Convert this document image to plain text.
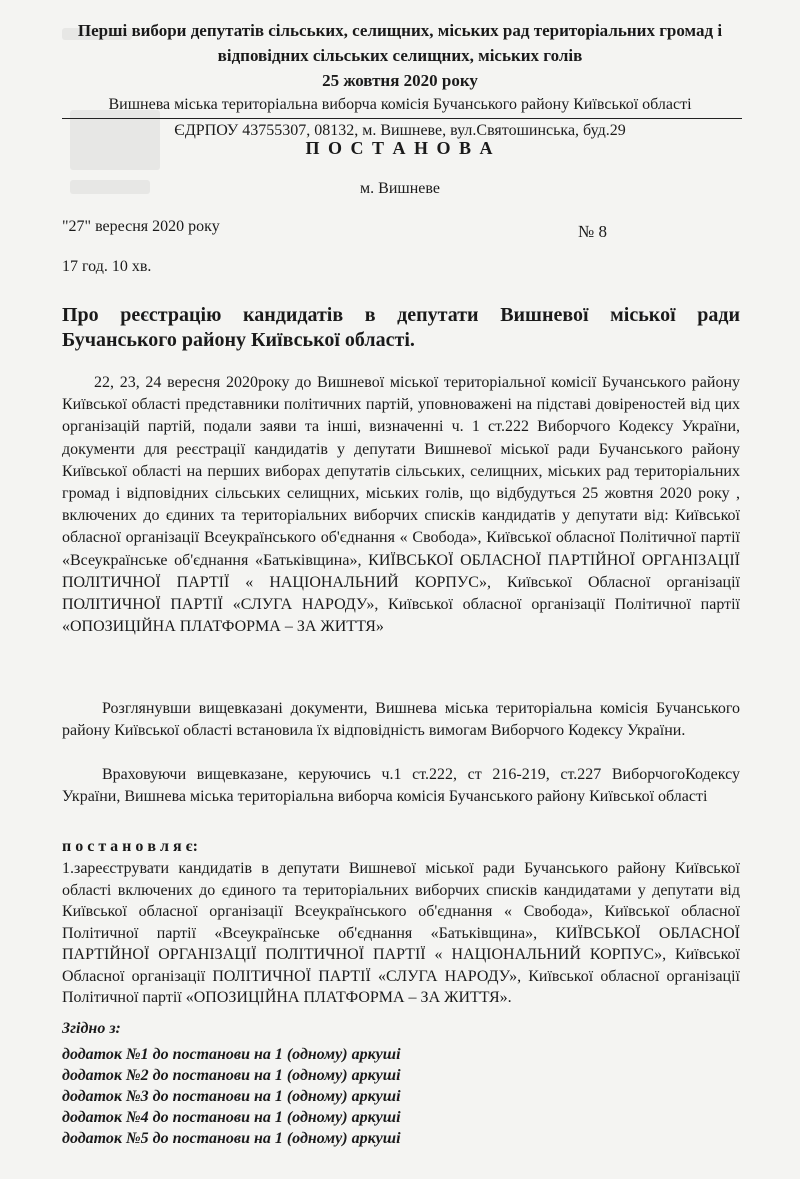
Перші вибори депутатів сільських, селищних, міських рад територіальних громад і
відповідних сільських селищних, міських голів
25 жовтня 2020 року
Вишнева міська територіальна виборча комісія Бучанського району Київської області
ЄДРПОУ 43755307, 08132, м. Вишневе, вул.Святошинська, буд.29
П О С Т А Н О В А
м. Вишневе
"27" вересня 2020 року	№ 8
17 год. 10 хв.
Про реєстрацію кандидатів в депутати Вишневої міської ради
Бучанського району Київської області.
22, 23, 24 вересня 2020року до Вишневої міської територіальної комісії Бучанського району Київської області представники політичних партій, уповноважені на підставі довіреностей від цих організацій партій, подали заяви та інші, визначенні ч. 1 ст.222 Виборчого Кодексу України, документи для реєстрації кандидатів у депутати Вишневої міської ради Бучанського району Київської області на перших виборах депутатів сільських, селищних, міських рад територіальних громад і відповідних сільських селищних, міських голів, що відбудуться 25 жовтня 2020 року , включених до єдиних та територіальних виборчих списків кандидатів у депутати від: Київської обласної організації Всеукраїнського об'єднання « Свобода», Київської обласної Політичної партії «Всеукраїнське об'єднання «Батьківщина», КИЇВСЬКОЇ ОБЛАСНОЇ ПАРТІЙНОЇ ОРГАНІЗАЦІЇ ПОЛІТИЧНОЇ ПАРТІЇ « НАЦІОНАЛЬНИЙ КОРПУС», Київської Обласної організації ПОЛІТИЧНОЇ ПАРТІЇ «СЛУГА НАРОДУ», Київської обласної організації Політичної партії «ОПОЗИЦІЙНА ПЛАТФОРМА – ЗА ЖИТТЯ»
Розглянувши вищевказані документи, Вишнева міська територіальна комісія Бучанського району Київської області встановила їх відповідність вимогам Виборчого Кодексу України.
Враховуючи вищевказане, керуючись ч.1 ст.222, ст 216-219, ст.227 ВиборчогоКодексу України, Вишнева міська територіальна виборча комісія Бучанського району Київської області
п о с т а н о в л я є:
1.зареєструвати кандидатів в депутати Вишневої міської ради Бучанського району Київської області включених до єдиного та територіальних виборчих списків кандидатами у депутати від Київської обласної організації Всеукраїнського об'єднання « Свобода», Київської обласної Політичної партії «Всеукраїнське об'єднання «Батьківщина», КИЇВСЬКОЇ ОБЛАСНОЇ ПАРТІЙНОЇ ОРГАНІЗАЦІЇ ПОЛІТИЧНОЇ ПАРТІЇ « НАЦІОНАЛЬНИЙ КОРПУС», Київської Обласної організації ПОЛІТИЧНОЇ ПАРТІЇ «СЛУГА НАРОДУ», Київської обласної організації Політичної партії «ОПОЗИЦІЙНА ПЛАТФОРМА – ЗА ЖИТТЯ».
Згідно з:
додаток №1 до постанови на 1 (одному) аркуші
додаток №2 до постанови на 1 (одному) аркуші
додаток №3 до постанови на 1 (одному) аркуші
додаток №4 до постанови на 1 (одному) аркуші
додаток №5 до постанови на 1 (одному) аркуші
